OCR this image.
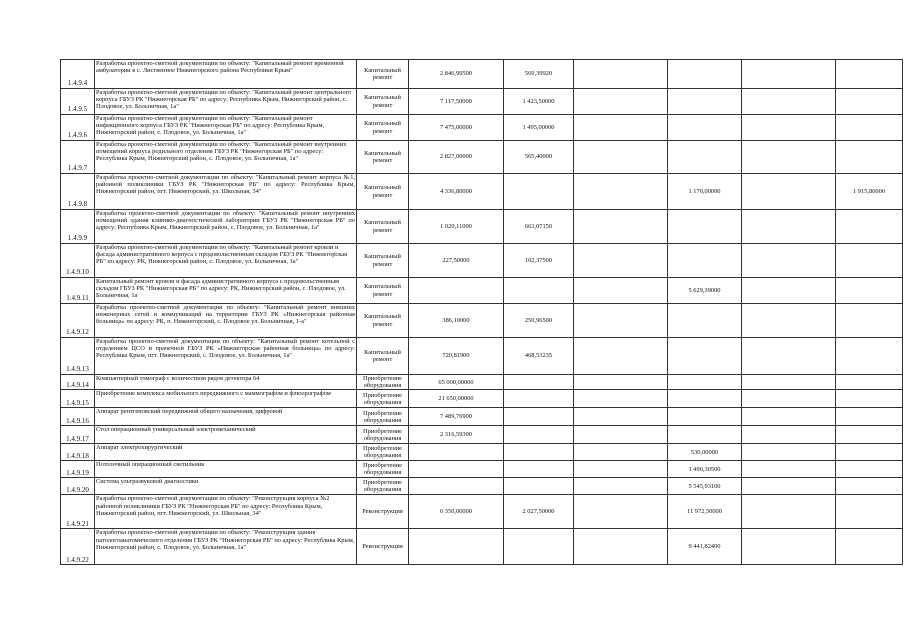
1.4.9.4	Разработка проектно-сметной документации по объекту: "Капитальный ремонт временной амбулатории в с. Лиственное Нижнегорского района Республики Крым"	Капитальный ремонт	2 846,99500	569,39920				
1.4.9.5	Разработка проектно-сметной документации по объекту: "Капитальный ремонт центрального корпуса ГБУЗ РК "Нижнегорская РБ" по адресу: Республика Крым, Нижнегорский район, с. Плодовое, ул. Больничная, 1а"	Капитальный ремонт	7 117,50000	1 423,50000				
1.4.9.6	Разработка проектно-сметной документации по объекту: "Капитальный ремонт инфекционного корпуса ГБУЗ РК "Нижнегорская РБ" по адресу: Республика Крым, Нижнегорский район, с. Плодовое, ул. Больничная, 1а"	Капитальный ремонт	7 475,00000	1 495,00000				
1.4.9.7	Разработка проектно-сметной документации по объекту: "Капитальный ремонт внутренних помещений корпуса родильного отделения ГБУЗ РК "Нижнегорская РБ" по адресу: Республика Крым, Нижнегорский район, с. Плодовое, ул. Больничная, 1а"	Капитальный ремонт	2 827,00000	565,40000				
1.4.9.8	Разработка проектно-сметной документации по объекту: "Капитальный ремонт корпуса №1, районной поликлиники ГБУЗ РК "Нижнегорская РБ" по адресу: Республика Крым, Нижнегорский район, пгт. Нижнегорский, ул. Школьная, 34"	Капитальный ремонт	4 336,80000			1 170,00000		1 915,80000
1.4.9.9	Разработка проектно-сметной документации по объекту: "Капитальный ремонт внутренних помещений здания клинико-диагностической лаборатории ГБУЗ РК "Нижнегорская РБ" по адресу: Республика Крым, Нижнегорский район, с. Плодовое, ул. Больничная, 1а"	Капитальный ремонт	1 020,11000	663,07150				
1.4.9.10	Разработка проектно-сметной документации по объекту: "Капитальный ремонт кровли и фасада административного корпуса с продовольственным складом ГБУЗ РК "Нижнегорская РБ" по адресу: РК, Нижнегорский район, с. Плодовое, ул. Больничная, 1а"	Капитальный ремонт	227,50000	102,37500				
1.4.9.11	Капитальный ремонт кровли и фасада административного корпуса с продовольственным складом ГБУЗ РК "Нижнегорская РБ" по адресу: РК, Нижнегорский район, с. Плодовое, ул. Больничная, 1а	Капитальный ремонт				5 629,39000		
1.4.9.12	Разработка проектно-сметной документации по объекту: "Капитальный ремонт внешних инженерных сетей и коммуникаций на территории ГБУЗ РК «Нижнегорская районная больница» по адресу: РК, п. Нижнегорский, с. Плодовое ул. Больничная, 1-а"	Капитальный ремонт	386,10000	250,96500				
1.4.9.13	Разработка проектно-сметной документации по объекту: "Капитальный ремонт котельной с отделением ЦСО и прачечной ГБУЗ РК «Нижнегорская районная больница» по адресу: Республика Крым, пгт. Нижнегорский, с. Плодовое, ул. Больничная, 1а"	Капитальный ремонт	720,81900	468,53235				
1.4.9.14	Компьютерный томограф с количеством рядов детектора 64	Приобретение оборудования	65 000,00000					
1.4.9.15	Приобретение комплекса мобильного передвижного с маммографом и флюорографом	Приобретение оборудования	21 650,00000					
1.4.9.16	Аппарат рентгеновский передвижной общего назначения, цифровой	Приобретение оборудования	7 489,76900					
1.4.9.17	Стол операционный универсальный электромеханический	Приобретение оборудования	2 316,59300					
1.4.9.18	Аппарат электрохирургический	Приобретение оборудования				530,00000		
1.4.9.19	Потолочный операционный светильник	Приобретение оборудования				1 490,30500		
1.4.9.20	Система ультразвуковой диагностики	Приобретение оборудования				5 545,93100		
1.4.9.21	Разработка проектно-сметной документации по объекту: "Реконструкция корпуса №2 районной поликлиники ГБУЗ РК "Нижнегорская РБ" по адресу: Республика Крым, Нижнегорский район, пгт. Нижнегорский, ул. Школьная, 34"	Реконструкция	6 350,00000	2 027,50000		11 972,50000		
1.4.9.22	Разработка проектно-сметной документации по объекту: "Реконструкция здания патологоанатомического отделения ГБУЗ РК "Нижнегорская РБ" по адресу: Республика Крым, Нижнегорский район, с. Плодовое, ул. Больничная, 1а"	Реконструкция				9 441,82400		
